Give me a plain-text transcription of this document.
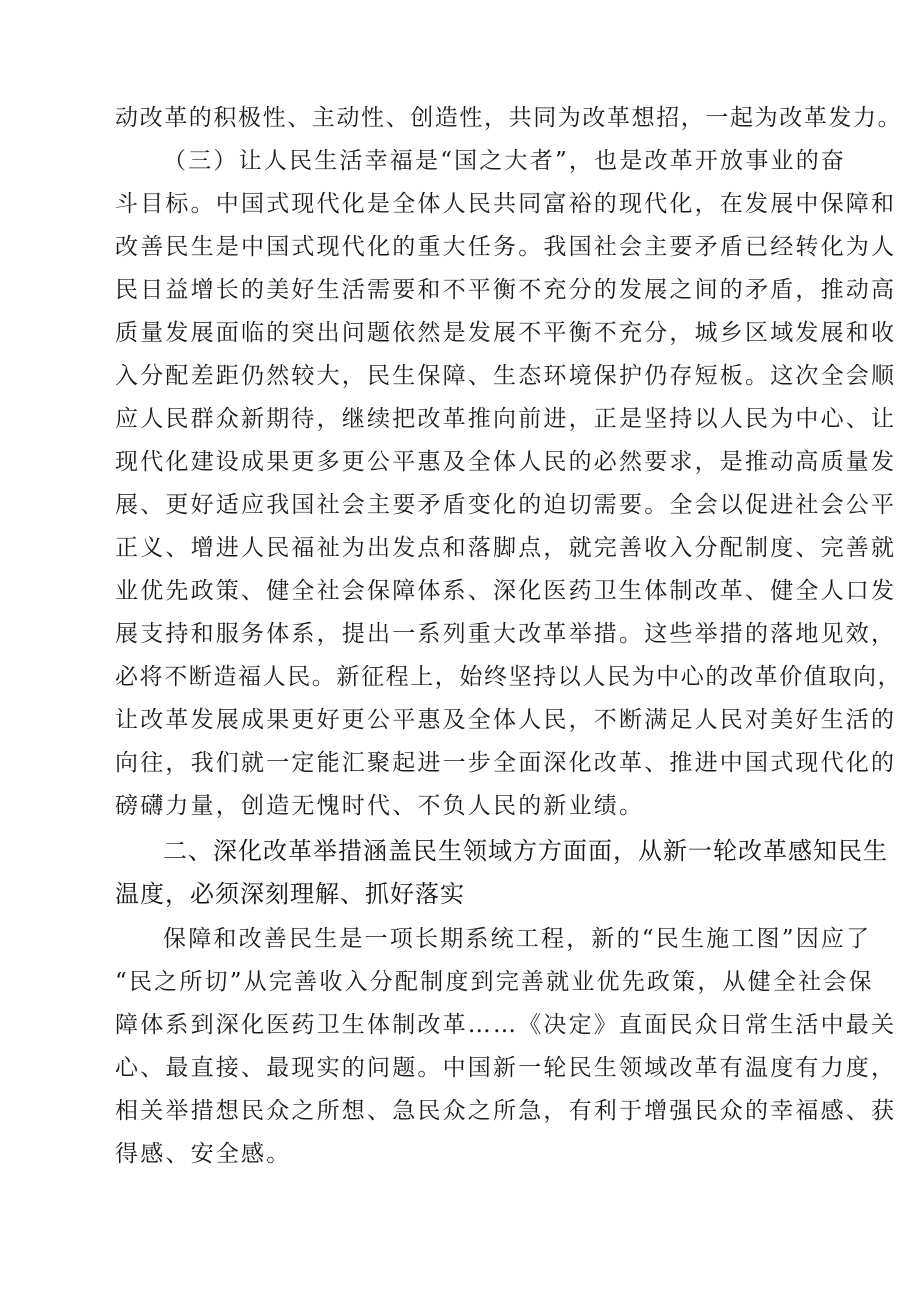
动改革的积极性、主动性、创造性，共同为改革想招，一起为改革发力。
（三）让人民生活幸福是“国之大者”，也是改革开放事业的奋
斗目标。中国式现代化是全体人民共同富裕的现代化，在发展中保障和
改善民生是中国式现代化的重大任务。我国社会主要矛盾已经转化为人
民日益增长的美好生活需要和不平衡不充分的发展之间的矛盾，推动高
质量发展面临的突出问题依然是发展不平衡不充分，城乡区域发展和收
入分配差距仍然较大，民生保障、生态环境保护仍存短板。这次全会顺
应人民群众新期待，继续把改革推向前进，正是坚持以人民为中心、让
现代化建设成果更多更公平惠及全体人民的必然要求，是推动高质量发
展、更好适应我国社会主要矛盾变化的迫切需要。全会以促进社会公平
正义、增进人民福祉为出发点和落脚点，就完善收入分配制度、完善就
业优先政策、健全社会保障体系、深化医药卫生体制改革、健全人口发
展支持和服务体系，提出一系列重大改革举措。这些举措的落地见效，
必将不断造福人民。新征程上，始终坚持以人民为中心的改革价值取向，
让改革发展成果更好更公平惠及全体人民，不断满足人民对美好生活的
向往，我们就一定能汇聚起进一步全面深化改革、推进中国式现代化的
磅礴力量，创造无愧时代、不负人民的新业绩。
二、深化改革举措涵盖民生领域方方面面，从新一轮改革感知民生
温度，必须深刻理解、抓好落实
保障和改善民生是一项长期系统工程，新的“民生施工图”因应了
“民之所切”从完善收入分配制度到完善就业优先政策，从健全社会保
障体系到深化医药卫生体制改革……《决定》直面民众日常生活中最关
心、最直接、最现实的问题。中国新一轮民生领域改革有温度有力度，
相关举措想民众之所想、急民众之所急，有利于增强民众的幸福感、获
得感、安全感。
